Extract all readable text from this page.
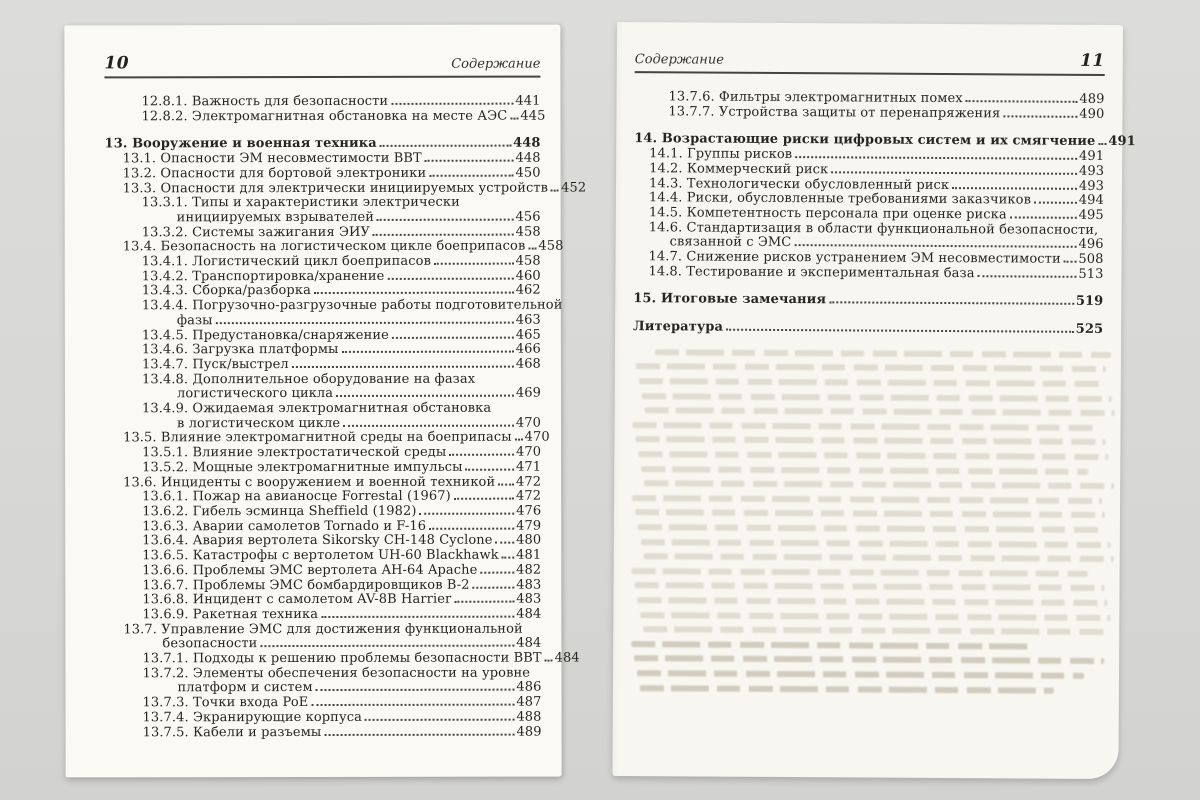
10	Содержание
12.8.1. Важность для безопасности	441
12.8.2. Электромагнитная обстановка на месте АЭС 445
13. Вооружение и военная техника	448
13.1. Опасности ЭМ несовместимости ВВТ	448
13.2. Опасности для бортовой электроники	450
13.3. Опасности для электрически инициируемых устройств 452
13.3.1. Типы и характеристики электрически
инициируемых взрывателей	456
13.3.2. Системы зажигания ЭИУ	458
13.4. Безопасность на логистическом цикле боеприпасов 458
13.4.1. Логистический цикл боеприпасов	458
13.4.2. Транспортировка/хранение	460
13.4.3. Сборка/разборка	462
13.4.4. Погрузочно-разгрузочные работы подготовительной
фазы	463
13.4.5. Предустановка/снаряжение	465
13.4.6. Загрузка платформы	466
13.4.7. Пуск/выстрел	468
13.4.8. Дополнительное оборудование на фазах
логистического цикла	469
13.4.9. Ожидаемая электромагнитная обстановка
в логистическом цикле	470
13.5. Влияние электромагнитной среды на боеприпасы 470
13.5.1. Влияние электростатической среды	470
13.5.2. Мощные электромагнитные импульсы	471
13.6. Инциденты с вооружением и военной техникой 472
13.6.1. Пожар на авианосце Forrestal (1967)	472
13.6.2. Гибель эсминца Sheffield (1982)	476
13.6.3. Аварии самолетов Tornado и F-16	479
13.6.4. Авария вертолета Sikorsky CH-148 Cyclone 480
13.6.5. Катастрофы с вертолетом UH-60 Blackhawk 481
13.6.6. Проблемы ЭМС вертолета AH-64 Apache	482
13.6.7. Проблемы ЭМС бомбардировщиков B-2	483
13.6.8. Инцидент с самолетом AV-8B Harrier	483
13.6.9. Ракетная техника	484
13.7. Управление ЭМС для достижения функциональной
безопасности	484
13.7.1. Подходы к решению проблемы безопасности ВВТ 484
13.7.2. Элементы обеспечения безопасности на уровне
платформ и систем	486
13.7.3. Точки входа PoE	487
13.7.4. Экранирующие корпуса	488
13.7.5. Кабели и разъемы	489
Содержание	11
13.7.6. Фильтры электромагнитных помех	489
13.7.7. Устройства защиты от перенапряжения	490
14. Возрастающие риски цифровых систем и их смягчение 491
14.1. Группы рисков	491
14.2. Коммерческий риск	493
14.3. Технологически обусловленный риск	493
14.4. Риски, обусловленные требованиями заказчиков	494
14.5. Компетентность персонала при оценке риска	495
14.6. Стандартизация в области функциональной безопасности,
связанной с ЭМС	496
14.7. Снижение рисков устранением ЭМ несовместимости 508
14.8. Тестирование и экспериментальная база	513
15. Итоговые замечания	519
Литература	525
